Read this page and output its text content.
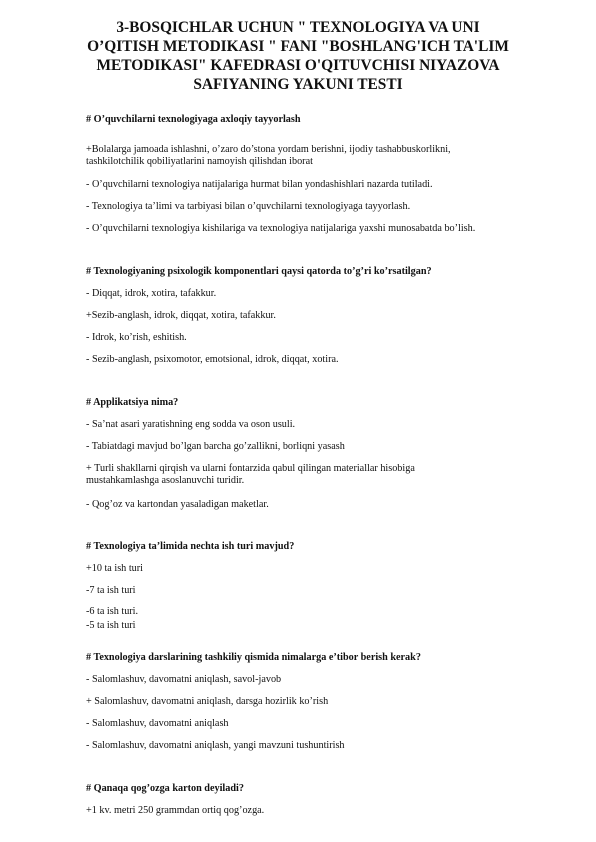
3-BOSQICHLAR UCHUN " TEXNOLOGIYA VA UNI
O’QITISH METODIKASI " FANI "BOSHLANG'ICH TA'LIM
METODIKASI" KAFEDRASI O'QITUVCHISI NIYAZOVA
SAFIYANING YAKUNI TESTI
# O’quvchilarni texnologiyaga axloqiy tayyorlash
+Bolalarga jamoada ishlashni, o’zaro do’stona yordam berishni, ijodiy tashabbuskorlikni,
tashkilotchilik qobiliyatlarini namoyish qilishdan iborat
- O’quvchilarni texnologiya natijalariga hurmat bilan yondashishlari nazarda tutiladi.
- Texnologiya ta’limi va tarbiyasi bilan o’quvchilarni texnologiyaga tayyorlash.
- O’quvchilarni texnologiya kishilariga va texnologiya natijalariga yaxshi munosabatda bo’lish.
# Texnologiyaning psixologik komponentlari qaysi qatorda to’g’ri ko’rsatilgan?
- Diqqat, idrok, xotira, tafakkur.
+Sezib-anglash, idrok, diqqat, xotira, tafakkur.
- Idrok, ko’rish, eshitish.
- Sezib-anglash, psixomotor, emotsional, idrok, diqqat, xotira.
# Applikatsiya nima?
- Sa’nat asari yaratishning eng sodda va oson usuli.
- Tabiatdagi mavjud bo’lgan barcha go’zallikni, borliqni yasash
+ Turli shakllarni qirqish va ularni fontarzida qabul qilingan materiallar hisobiga
mustahkamlashga asoslanuvchi turidir.
- Qog’oz va kartondan yasaladigan maketlar.
# Texnologiya ta’limida nechta ish turi mavjud?
+10 ta ish turi
-7 ta ish turi
-6 ta ish turi.
-5 ta ish turi
# Texnologiya darslarining tashkiliy qismida nimalarga e’tibor berish kerak?
- Salomlashuv, davomatni aniqlash, savol-javob
+ Salomlashuv, davomatni aniqlash, darsga hozirlik ko’rish
- Salomlashuv, davomatni aniqlash
- Salomlashuv, davomatni aniqlash, yangi mavzuni tushuntirish
# Qanaqa qog’ozga karton deyiladi?
+1 kv. metri 250 grammdan ortiq qog’ozga.
